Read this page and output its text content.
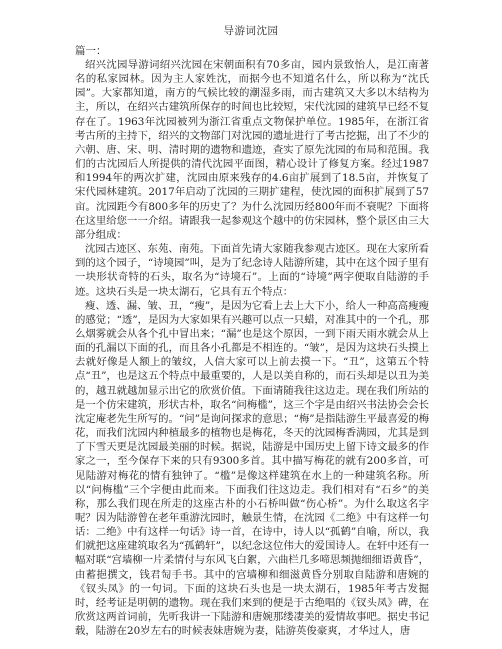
导游词沈园
篇一：

绍兴沈园导游词绍兴沈园在宋朝面积有70多亩，园内景致怡人，是江南著名的私家园林。因为主人家姓沈，而据今也不知道名什么，所以称为“沈氏园”。大家都知道，南方的气候比较的潮湿多雨，而古建筑又大多以木结构为主，所以，在绍兴古建筑所保存的时间也比较短，宋代沈园的建筑早已经不复存在了。1963年沈园被列为浙江省重点文物保护单位。1985年，在浙江省考古所的主持下，绍兴的文物部门对沈园的遗址进行了考古挖掘，出了不少的六朝、唐、宋、明、清时期的遗物和遗迹，查实了原先沈园的布局和范围。我们的古沈园后人所提供的清代沈园平面图，精心设计了修复方案。经过1987和1994年的两次扩建，沈园由原来残存的4.6亩扩展到了18.5亩，并恢复了宋代园林建筑。2017年启动了沈园的三期扩建程，使沈园的面积扩展到了57亩。沈园距今有800多年的历史了？为什么沈园历经800年而不衰呢？下面将在这里给您一一介绍。请跟我一起参观这个越中的仿宋园林，整个景区由三大部分组成：

沈园古迹区、东苑、南苑。下面首先请大家随我参观古迹区。现在大家所看到的这个园子，“诗境园”叫，是为了纪念诗人陆游所建，其中在这个园子里有一块形状奇特的石头，取名为“诗境石”。上面的“诗境”两字便取自陆游的手迹。这块石头是一块太湖石，它具有五个特点：

瘦、透、漏、皱、丑，“瘦”，是因为它看上去上大下小，给人一种高高瘦瘦的感觉；“透”，是因为大家如果有兴趣可以点一只蜡，对准其中的一个孔，那么烟雾就会从各个孔中冒出来；“漏”也是这个原因，一到下雨天雨水就会从上面的孔漏以下面的孔，而且各小孔都是不相连的。“皱”，是因为这块石头摸上去就好像是人额上的皱纹，人信大家可以上前去摸一下。“丑”，这第五个特点“丑”，也是这五个特点中最重要的，人是以美自称的，而石头却是以丑为美的，越丑就越加显示出它的欣赏价值。下面请随我往这边走。现在我们所站的是一个仿宋建筑，形状古朴，取名“问梅槛”，这三个字是由绍兴书法协会会长沈定庵老先生所写的。“问”是询问探求的意思；“梅”是指陆游生平最喜爱的梅花，而我们沈园内种植最多的植物也是梅花，冬天的沈园梅香满园，尤其是到了下雪天更是沈园最美丽的时候。据说，陆游是中国历史上留下诗文最多的作家之一，至今保存下来的只有9300多首。其中描写梅花的就有200多首，可见陆游对梅花的情有独钟了。“槛”是像这样建筑在水上的一种建筑名称。所以“问梅槛”三个字便由此而来。下面我们往这边走。我们相对有“石乡”的美称，那么我们现在所走的这座古朴的小石桥叫做“伤心桥”。为什么取这名字呢？因为陆游曾在老年重游沈园时，触景生情，在沈园《二绝》中有这样一句话：二绝》中有这样一句话》诗一首，在诗中，诗人以“孤鹤”自喻，所以，我们就把这座建筑取名为“孤鹤轩”，以纪念这位伟大的爱国诗人。在轩中还有一幅对联“宫墙柳一片柔情付与东风飞白絮，六曲栏几多啼思频抛细细语黄昏”，由蓄挹撰文，钱君匋手书。其中的宫墙柳和细滋黄昏分别取自陆游和唐婉的《钗头凤》的一句词。下面的这块石头也是一块太湖石，1985年考古发掘时，经考证是明朝的遗物。现在我们来到的便是于古绝唱的《钗头凤》碑，在欣赏这两首词前，先听我讲一下陆游和唐婉那缕凄美的爱情故事吧。据史书记载，陆游在20岁左右的时候表妹唐婉为妻，陆游英俊豪爽，才华过人，唐
